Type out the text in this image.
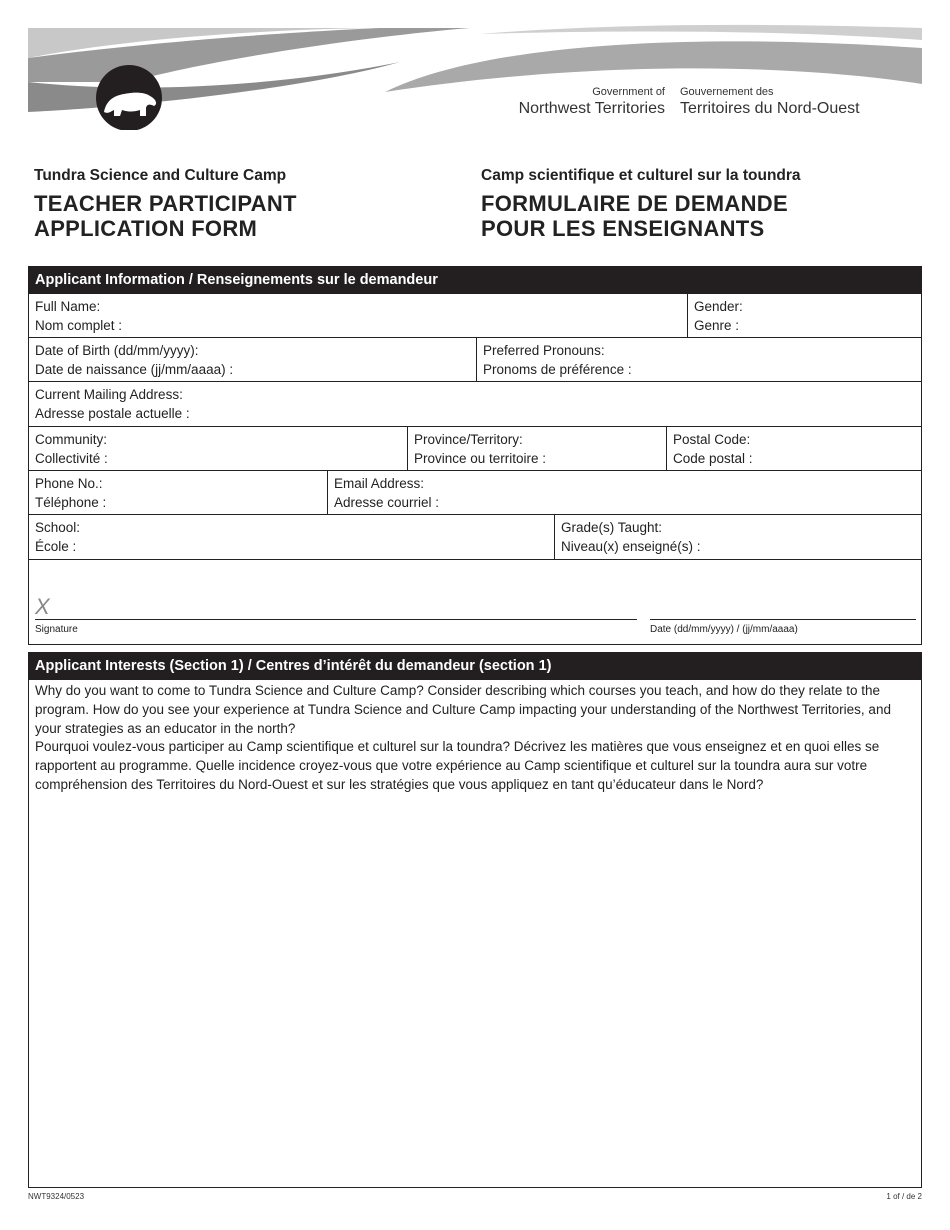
Government of
Northwest Territories
Gouvernement des
Territoires du Nord-Ouest
Tundra Science and Culture Camp
TEACHER PARTICIPANT
APPLICATION FORM
Camp scientifique et culturel sur la toundra
FORMULAIRE DE DEMANDE
POUR LES ENSEIGNANTS
Applicant Information / Renseignements sur le demandeur
Full Name:
Nom complet :
Gender:
Genre :
Date of Birth (dd/mm/yyyy):
Date de naissance (jj/mm/aaaa) :
Preferred Pronouns:
Pronoms de préférence :
Current Mailing Address:
Adresse postale actuelle :
Community:
Collectivité :
Province/Territory:
Province ou territoire :
Postal Code:
Code postal :
Phone No.:
Téléphone :
Email Address:
Adresse courriel :
School:
École :
Grade(s) Taught:
Niveau(x) enseigné(s) :
X
Signature	Date (dd/mm/yyyy) / (jj/mm/aaaa)
Applicant Interests (Section 1) / Centres d’intérêt du demandeur (section 1)

Why do you want to come to Tundra Science and Culture Camp? Consider describing which courses you teach, and how do they relate to the program. How do you see your experience at Tundra Science and Culture Camp impacting your understanding of the Northwest Territories, and your strategies as an educator in the north?

Pourquoi voulez-vous participer au Camp scientifique et culturel sur la toundra? Décrivez les matières que vous enseignez et en quoi elles se rapportent au programme. Quelle incidence croyez-vous que votre expérience au Camp scientifique et culturel sur la toundra aura sur votre compréhension des Territoires du Nord-Ouest et sur les stratégies que vous appliquez en tant qu’éducateur dans le Nord?

NWT9324/0523	1 of / de 2
